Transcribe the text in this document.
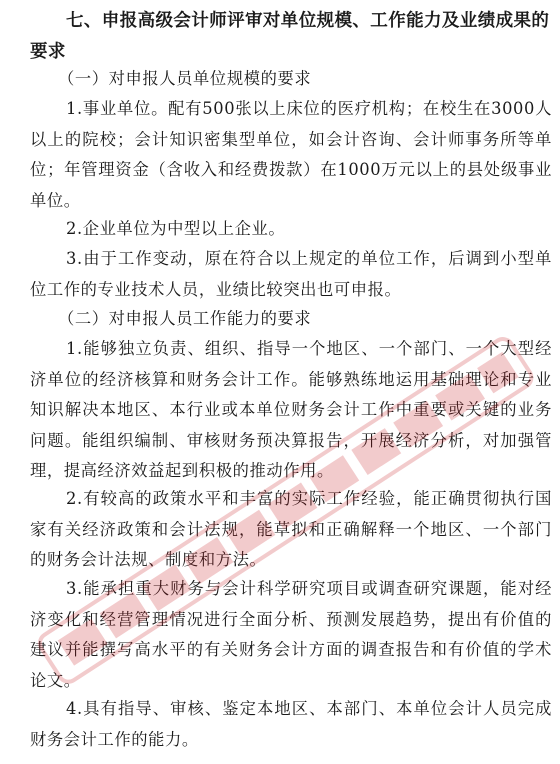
七、申报高级会计师评审对单位规模、工作能力及业绩成果的要求

（一）对申报人员单位规模的要求

1.事业单位。配有500张以上床位的医疗机构；在校生在3000人以上的院校；会计知识密集型单位，如会计咨询、会计师事务所等单位；年管理资金（含收入和经费拨款）在1000万元以上的县处级事业单位。

2.企业单位为中型以上企业。

3.由于工作变动，原在符合以上规定的单位工作，后调到小型单位工作的专业技术人员，业绩比较突出也可申报。

（二）对申报人员工作能力的要求

1.能够独立负责、组织、指导一个地区、一个部门、一个大型经济单位的经济核算和财务会计工作。能够熟练地运用基础理论和专业知识解决本地区、本行业或本单位财务会计工作中重要或关键的业务问题。能组织编制、审核财务预决算报告，开展经济分析，对加强管理，提高经济效益起到积极的推动作用。

2.有较高的政策水平和丰富的实际工作经验，能正确贯彻执行国家有关经济政策和会计法规，能草拟和正确解释一个地区、一个部门的财务会计法规、制度和方法。

3.能承担重大财务与会计科学研究项目或调查研究课题，能对经济变化和经营管理情况进行全面分析、预测发展趋势，提出有价值的建议并能撰写高水平的有关财务会计方面的调查报告和有价值的学术论文。

4.具有指导、审核、鉴定本地区、本部门、本单位会计人员完成财务会计工作的能力。
